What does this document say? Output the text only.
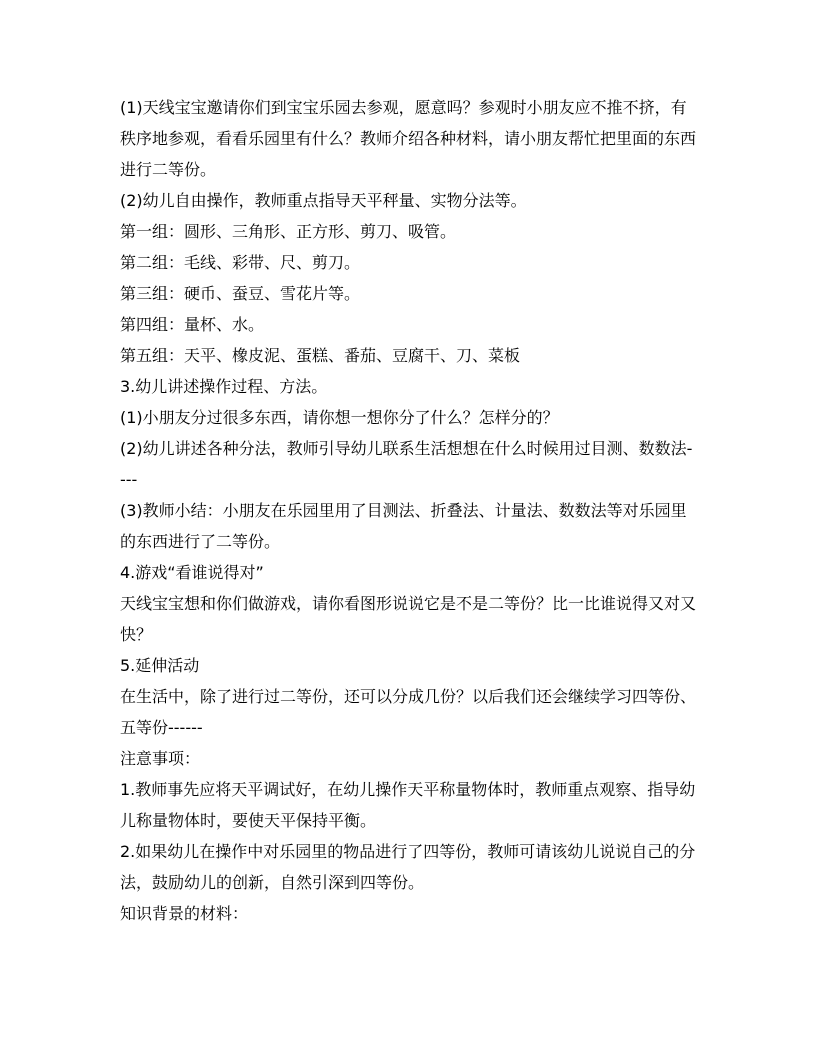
(1)天线宝宝邀请你们到宝宝乐园去参观，愿意吗？参观时小朋友应不推不挤，有

秩序地参观，看看乐园里有什么？教师介绍各种材料，请小朋友帮忙把里面的东西

进行二等份。

(2)幼儿自由操作，教师重点指导天平秤量、实物分法等。

第一组：圆形、三角形、正方形、剪刀、吸管。

第二组：毛线、彩带、尺、剪刀。

第三组：硬币、蚕豆、雪花片等。

第四组：量杯、水。

第五组：天平、橡皮泥、蛋糕、番茄、豆腐干、刀、菜板

3.幼儿讲述操作过程、方法。

(1)小朋友分过很多东西，请你想一想你分了什么？怎样分的？

(2)幼儿讲述各种分法，教师引导幼儿联系生活想想在什么时候用过目测、数数法-

---

(3)教师小结：小朋友在乐园里用了目测法、折叠法、计量法、数数法等对乐园里

的东西进行了二等份。

4.游戏“看谁说得对”

天线宝宝想和你们做游戏，请你看图形说说它是不是二等份？比一比谁说得又对又

快？

5.延伸活动

在生活中，除了进行过二等份，还可以分成几份？以后我们还会继续学习四等份、

五等份------

注意事项：

1.教师事先应将天平调试好，在幼儿操作天平称量物体时，教师重点观察、指导幼

儿称量物体时，要使天平保持平衡。

2.如果幼儿在操作中对乐园里的物品进行了四等份，教师可请该幼儿说说自己的分

法，鼓励幼儿的创新，自然引深到四等份。

知识背景的材料：
